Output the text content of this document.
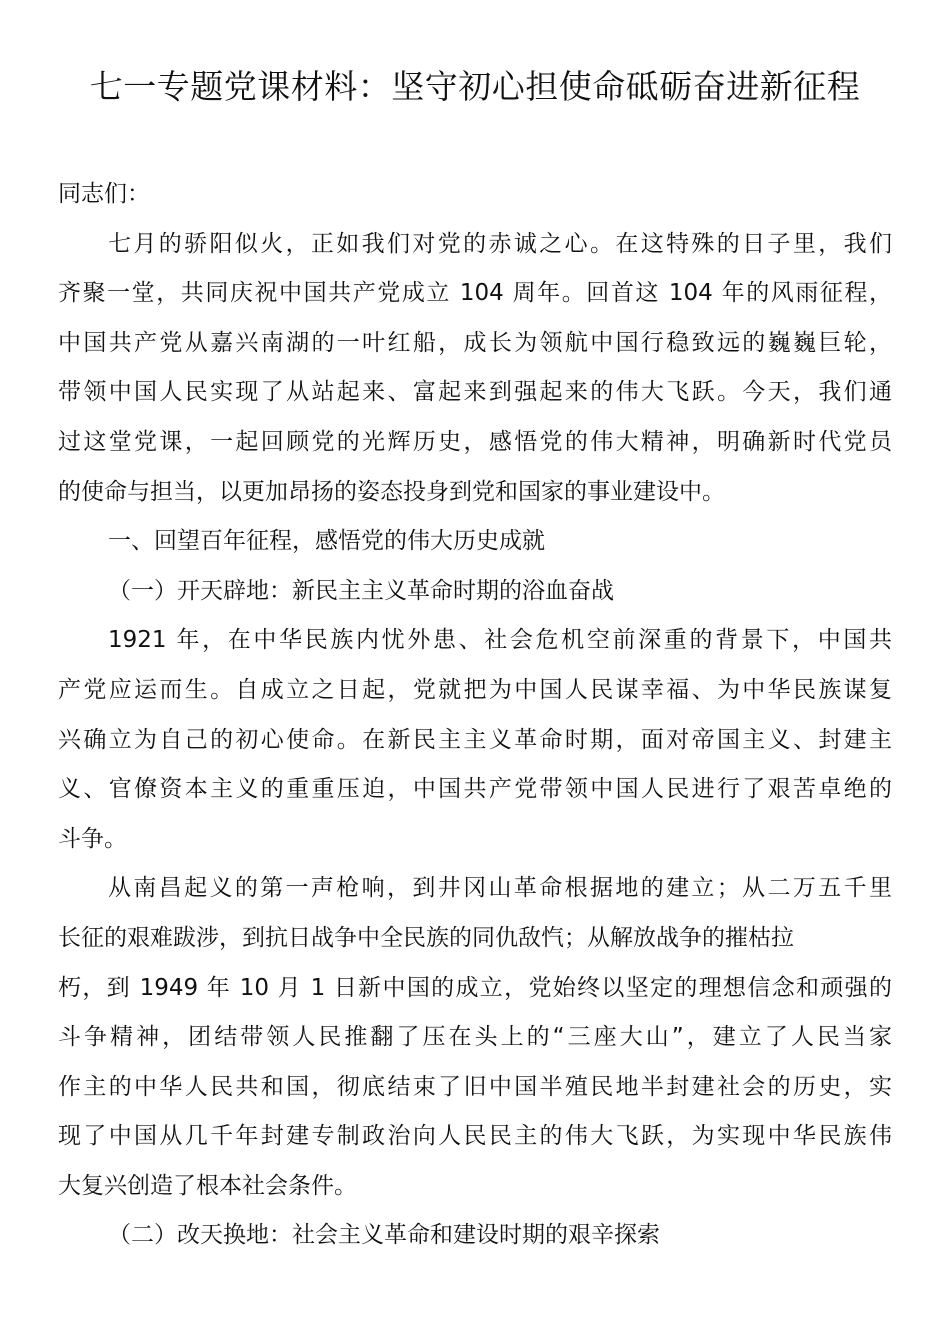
七一专题党课材料：坚守初心担使命砥砺奋进新征程
同志们：
七月的骄阳似火，正如我们对党的赤诚之心。在这特殊的日子里，我们
齐聚一堂，共同庆祝中国共产党成立 104 周年。回首这 104 年的风雨征程，
中国共产党从嘉兴南湖的一叶红船，成长为领航中国行稳致远的巍巍巨轮，
带领中国人民实现了从站起来、富起来到强起来的伟大飞跃。今天，我们通
过这堂党课，一起回顾党的光辉历史，感悟党的伟大精神，明确新时代党员
的使命与担当，以更加昂扬的姿态投身到党和国家的事业建设中。
一、回望百年征程，感悟党的伟大历史成就
（一）开天辟地：新民主主义革命时期的浴血奋战
1921 年，在中华民族内忧外患、社会危机空前深重的背景下，中国共
产党应运而生。自成立之日起，党就把为中国人民谋幸福、为中华民族谋复
兴确立为自己的初心使命。在新民主主义革命时期，面对帝国主义、封建主
义、官僚资本主义的重重压迫，中国共产党带领中国人民进行了艰苦卓绝的
斗争。
从南昌起义的第一声枪响，到井冈山革命根据地的建立；从二万五千里
长征的艰难跋涉，到抗日战争中全民族的同仇敌忾；从解放战争的摧枯拉
朽，到 1949 年 10 月 1 日新中国的成立，党始终以坚定的理想信念和顽强的
斗争精神，团结带领人民推翻了压在头上的“三座大山”，建立了人民当家
作主的中华人民共和国，彻底结束了旧中国半殖民地半封建社会的历史，实
现了中国从几千年封建专制政治向人民民主的伟大飞跃，为实现中华民族伟
大复兴创造了根本社会条件。
（二）改天换地：社会主义革命和建设时期的艰辛探索
